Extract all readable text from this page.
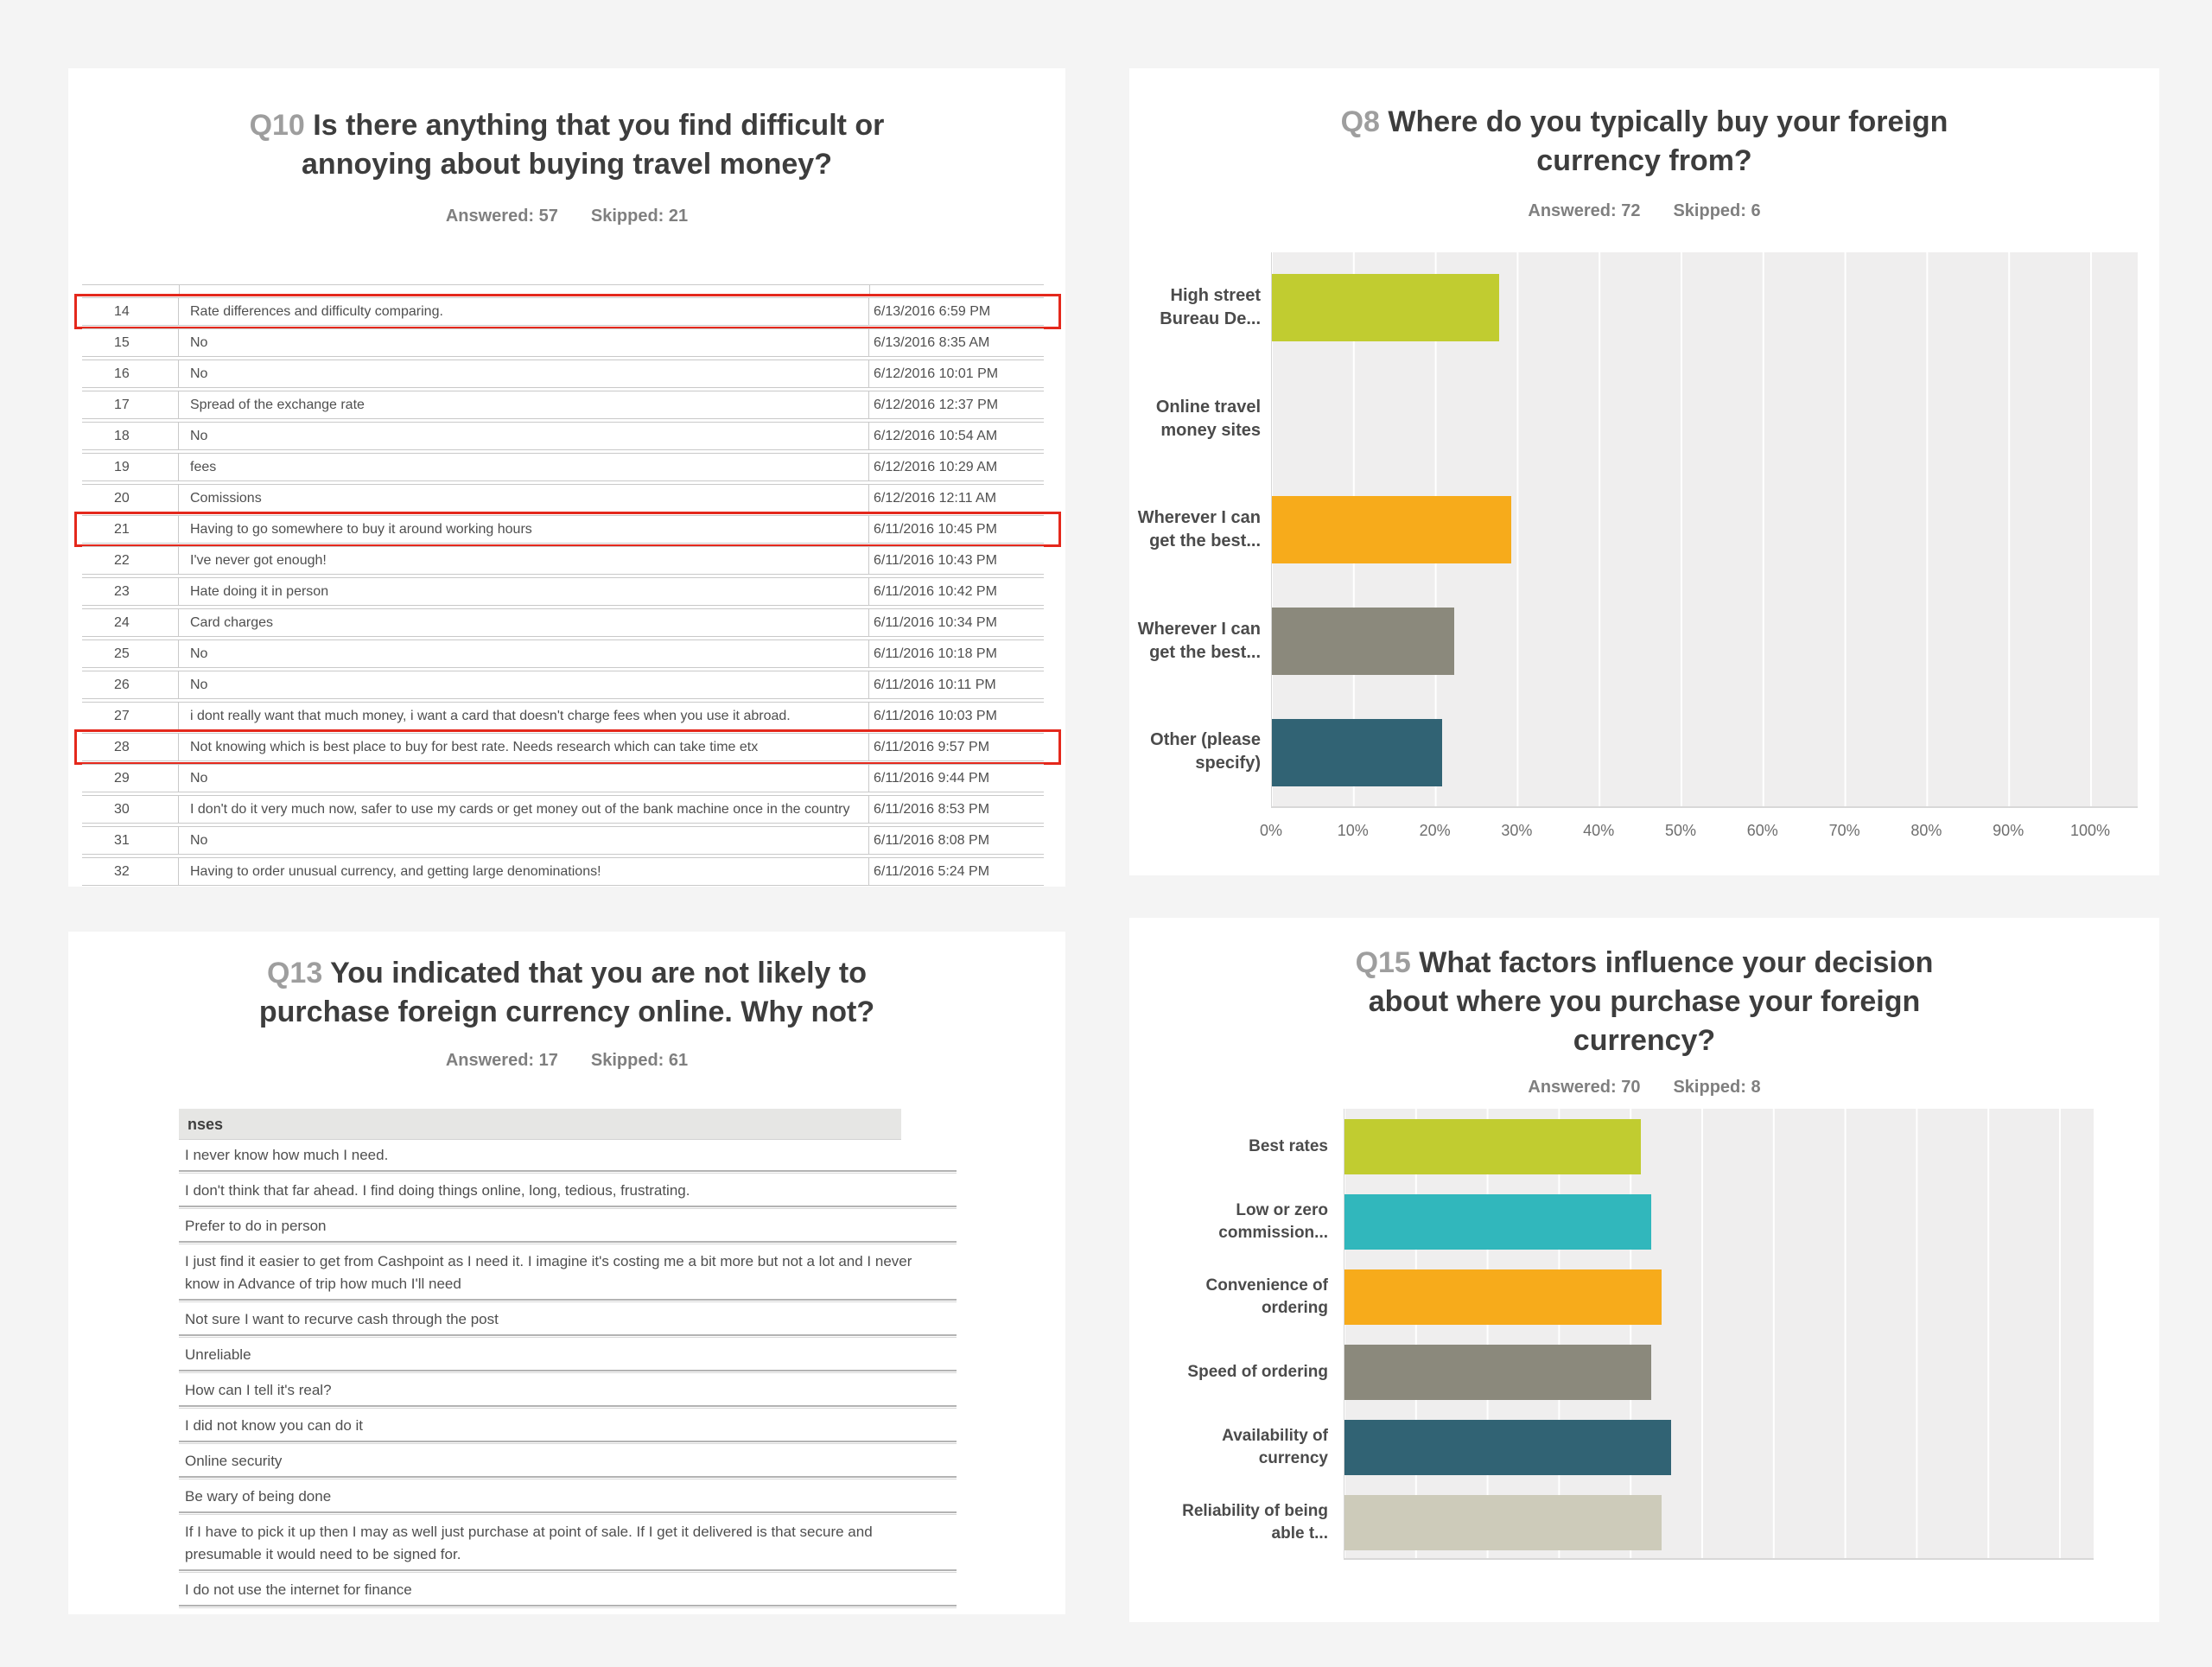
Q10 Is there anything that you find difficult or annoying about buying travel money?
Answered: 57 Skipped: 21
14	Rate differences and difficulty comparing.	6/13/2016 6:59 PM
15	No	6/13/2016 8:35 AM
16	No	6/12/2016 10:01 PM
17	Spread of the exchange rate	6/12/2016 12:37 PM
18	No	6/12/2016 10:54 AM
19	fees	6/12/2016 10:29 AM
20	Comissions	6/12/2016 12:11 AM
21	Having to go somewhere to buy it around working hours	6/11/2016 10:45 PM
22	I've never got enough!	6/11/2016 10:43 PM
23	Hate doing it in person	6/11/2016 10:42 PM
24	Card charges	6/11/2016 10:34 PM
25	No	6/11/2016 10:18 PM
26	No	6/11/2016 10:11 PM
27	i dont really want that much money, i want a card that doesn't charge fees when you use it abroad.	6/11/2016 10:03 PM
28	Not knowing which is best place to buy for best rate. Needs research which can take time etx	6/11/2016 9:57 PM
29	No	6/11/2016 9:44 PM
30	I don't do it very much now, safer to use my cards or get money out of the bank machine once in the country	6/11/2016 8:53 PM
31	No	6/11/2016 8:08 PM
32	Having to order unusual currency, and getting large denominations!	6/11/2016 5:24 PM
Q8 Where do you typically buy your foreign currency from?
Answered: 72 Skipped: 6
High street Bureau De...
Online travel money sites
Wherever I can get the best...
Wherever I can get the best...
Other (please specify)
0%	10%	20%	30%	40%	50%	60%	70%	80%	90%	100%
Q13 You indicated that you are not likely to purchase foreign currency online. Why not?
Answered: 17 Skipped: 61
nses
I never know how much I need.
I don't think that far ahead. I find doing things online, long, tedious, frustrating.
Prefer to do in person
I just find it easier to get from Cashpoint as I need it. I imagine it's costing me a bit more but not a lot and I never know in Advance of trip how much I'll need
Not sure I want to recurve cash through the post
Unreliable
How can I tell it's real?
I did not know you can do it
Online security
Be wary of being done
If I have to pick it up then I may as well just purchase at point of sale. If I get it delivered is that secure and presumable it would need to be signed for.
I do not use the internet for finance
Q15 What factors influence your decision about where you purchase your foreign currency?
Answered: 70 Skipped: 8
Best rates
Low or zero commission...
Convenience of ordering
Speed of ordering
Availability of currency
Reliability of being able t...
